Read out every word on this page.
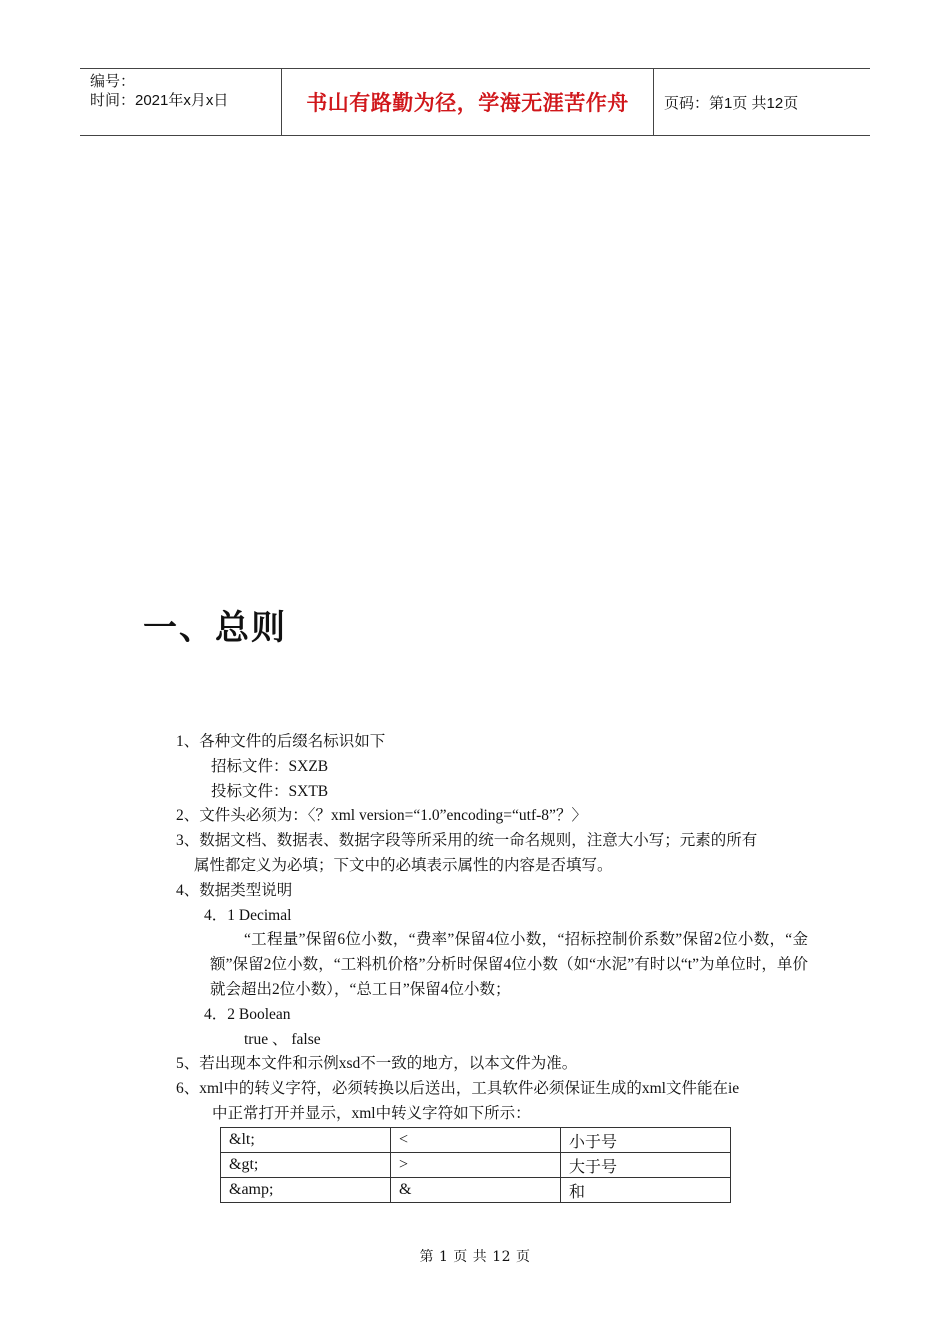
编号：
时间：2021年x月x日	书山有路勤为径，学海无涯苦作舟	页码：第1页 共12页
一、总则
1、各种文件的后缀名标识如下
招标文件：SXZB
投标文件：SXTB
2、文件头必须为：〈？xml version=“1.0”encoding=“utf-8”？〉
3、数据文档、数据表、数据字段等所采用的统一命名规则，注意大小写；元素的所有
属性都定义为必填；下文中的必填表示属性的内容是否填写。
4、数据类型说明
4．1 Decimal
“工程量”保留6位小数，“费率”保留4位小数，“招标控制价系数”保留2位小数，“金额”保留2位小数，“工料机价格”分析时保留4位小数（如“水泥”有时以“t”为单位时，单价就会超出2位小数），“总工日”保留4位小数；
4．2 Boolean
true 、 false
5、若出现本文件和示例xsd不一致的地方，以本文件为准。
6、xml中的转义字符，必须转换以后送出，工具软件必须保证生成的xml文件能在ie
中正常打开并显示，xml中转义字符如下所示：
&lt;	<	小于号
&gt;	>	大于号
&amp;	&	和
第 1 页 共 12 页
